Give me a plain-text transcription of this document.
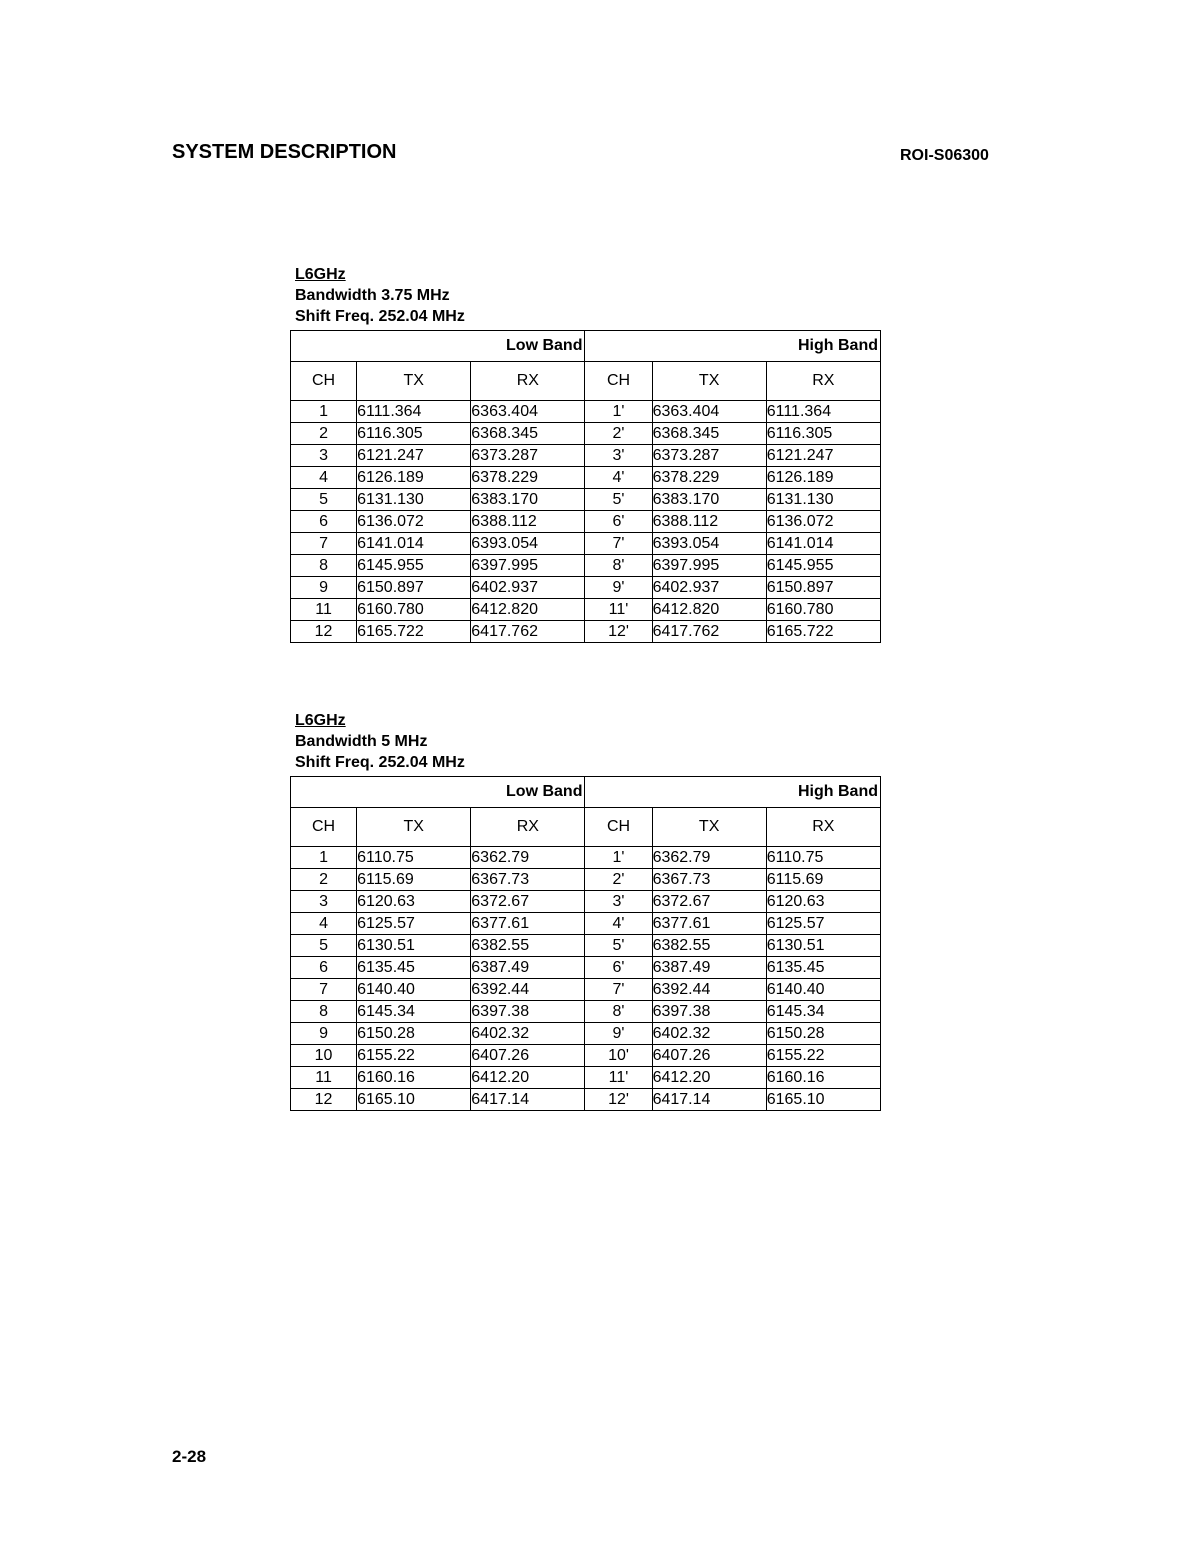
SYSTEM DESCRIPTION	ROI-S06300
L6GHz
Bandwidth 3.75 MHz
Shift Freq. 252.04 MHz
Low Band			High Band		
CH	TX	RX	CH	TX	RX
1	6111.364	6363.404	1'	6363.404	6111.364
2	6116.305	6368.345	2'	6368.345	6116.305
3	6121.247	6373.287	3'	6373.287	6121.247
4	6126.189	6378.229	4'	6378.229	6126.189
5	6131.130	6383.170	5'	6383.170	6131.130
6	6136.072	6388.112	6'	6388.112	6136.072
7	6141.014	6393.054	7'	6393.054	6141.014
8	6145.955	6397.995	8'	6397.995	6145.955
9	6150.897	6402.937	9'	6402.937	6150.897
11	6160.780	6412.820	11'	6412.820	6160.780
12	6165.722	6417.762	12'	6417.762	6165.722
L6GHz
Bandwidth 5 MHz
Shift Freq. 252.04 MHz
Low Band			High Band		
CH	TX	RX	CH	TX	RX
1	6110.75	6362.79	1'	6362.79	6110.75
2	6115.69	6367.73	2'	6367.73	6115.69
3	6120.63	6372.67	3'	6372.67	6120.63
4	6125.57	6377.61	4'	6377.61	6125.57
5	6130.51	6382.55	5'	6382.55	6130.51
6	6135.45	6387.49	6'	6387.49	6135.45
7	6140.40	6392.44	7'	6392.44	6140.40
8	6145.34	6397.38	8'	6397.38	6145.34
9	6150.28	6402.32	9'	6402.32	6150.28
10	6155.22	6407.26	10'	6407.26	6155.22
11	6160.16	6412.20	11'	6412.20	6160.16
12	6165.10	6417.14	12'	6417.14	6165.10
2-28
